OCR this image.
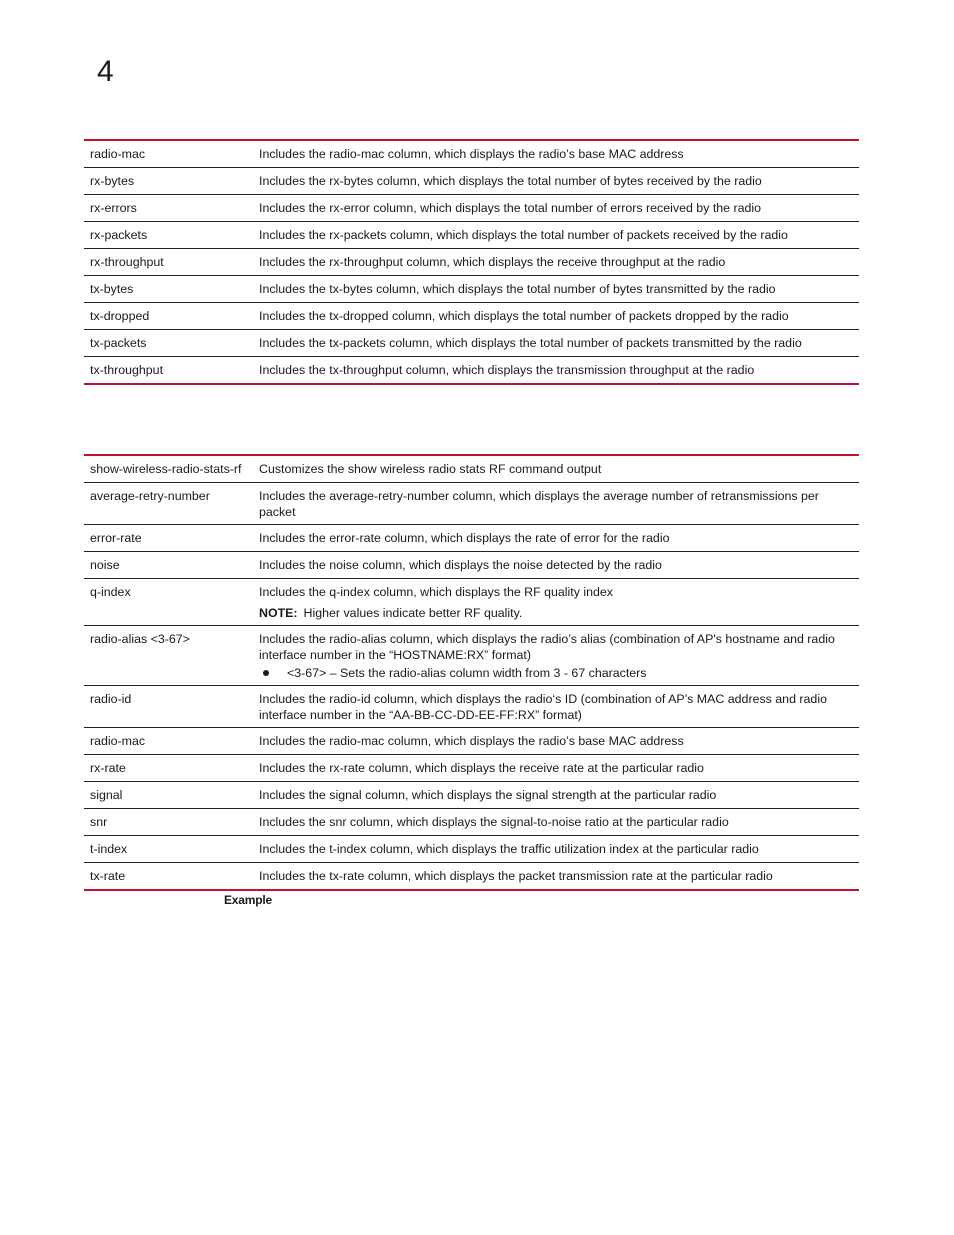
4
radio-mac	Includes the radio-mac column, which displays the radio’s base MAC address
rx-bytes	Includes the rx-bytes column, which displays the total number of bytes received by the radio
rx-errors	Includes the rx-error column, which displays the total number of errors received by the radio
rx-packets	Includes the rx-packets column, which displays the total number of packets received by the radio
rx-throughput	Includes the rx-throughput column, which displays the receive throughput at the radio
tx-bytes	Includes the tx-bytes column, which displays the total number of bytes transmitted by the radio
tx-dropped	Includes the tx-dropped column, which displays the total number of packets dropped by the radio
tx-packets	Includes the tx-packets column, which displays the total number of packets transmitted by the radio
tx-throughput	Includes the tx-throughput column, which displays the transmission throughput at the radio
show-wireless-radio-stats-rf	Customizes the show wireless radio stats RF command output
average-retry-number	Includes the average-retry-number column, which displays the average number of retransmissions per packet
error-rate	Includes the error-rate column, which displays the rate of error for the radio
noise	Includes the noise column, which displays the noise detected by the radio
q-index	Includes the q-index column, which displays the RF quality index
NOTE: Higher values indicate better RF quality.

radio-alias <3-67>	Includes the radio-alias column, which displays the radio’s alias (combination of AP's hostname and radio interface number in the “HOSTNAME:RX” format)
<3-67> – Sets the radio-alias column width from 3 - 67 characters

radio-id	Includes the radio-id column, which displays the radio‘s ID (combination of AP’s MAC address and radio interface number in the “AA-BB-CC-DD-EE-FF:RX” format)
radio-mac	Includes the radio-mac column, which displays the radio’s base MAC address
rx-rate	Includes the rx-rate column, which displays the receive rate at the particular radio
signal	Includes the signal column, which displays the signal strength at the particular radio
snr	Includes the snr column, which displays the signal-to-noise ratio at the particular radio
t-index	Includes the t-index column, which displays the traffic utilization index at the particular radio
tx-rate	Includes the tx-rate column, which displays the packet transmission rate at the particular radio
Example
